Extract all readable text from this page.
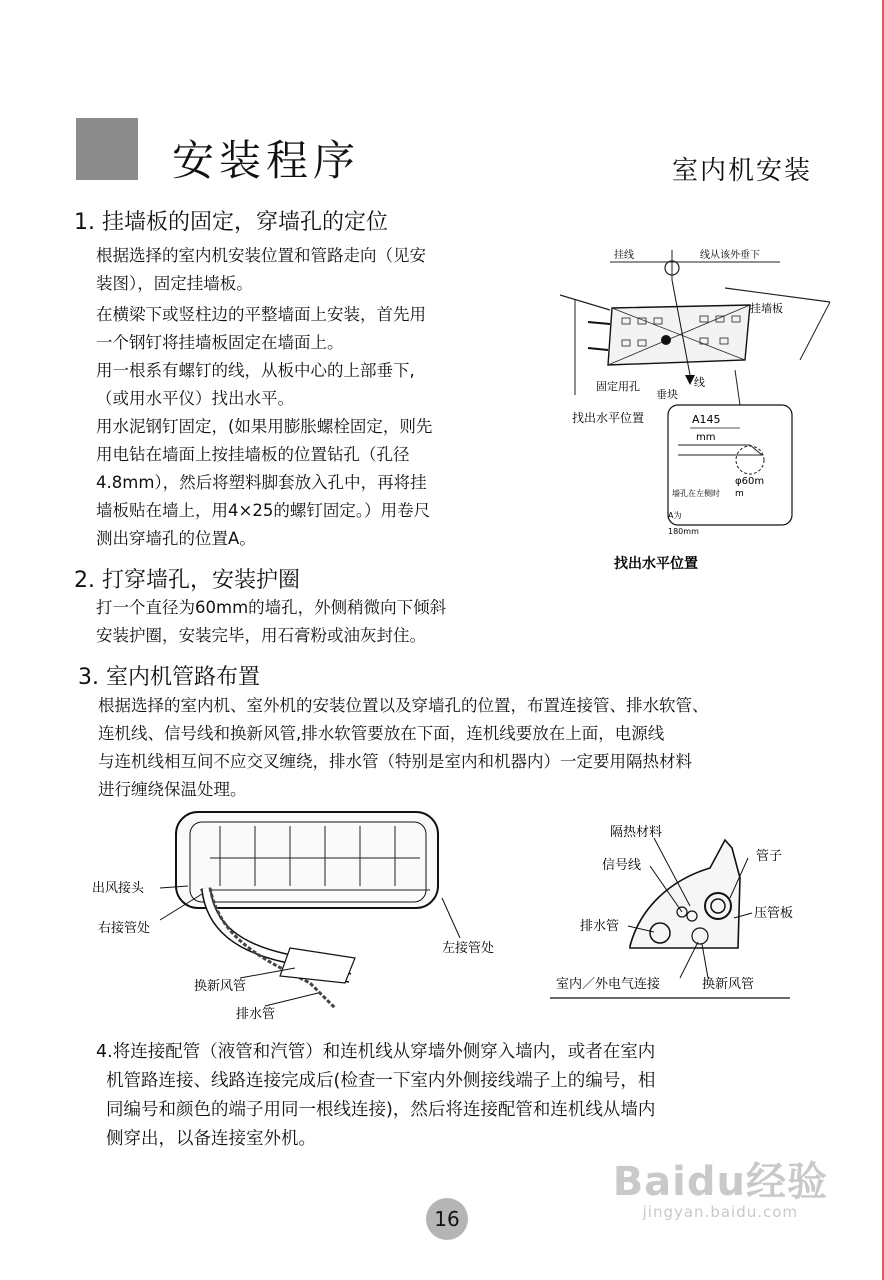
安装程序	室内机安装
1. 挂墙板的固定，穿墙孔的定位
根据选择的室内机安装位置和管路走向（见安
装图），固定挂墙板。
在横梁下或竖柱边的平整墙面上安装，首先用
一个钢钉将挂墙板固定在墙面上。
用一根系有螺钉的线，从板中心的上部垂下,
（或用水平仪）找出水平。
用水泥钢钉固定，(如果用膨胀螺栓固定，则先
用电钻在墙面上按挂墙板的位置钻孔（孔径
4.8mm），然后将塑料脚套放入孔中，再将挂
墙板贴在墙上，用4×25的螺钉固定。）用卷尺
测出穿墙孔的位置A。
挂线	线从该外垂下
挂墙板
固定用孔
垂块
线
找出水平位置	A145
mm
φ60m
墙孔在左侧时 m
A为
180mm
找出水平位置
2. 打穿墙孔，安装护圈
打一个直径为60mm的墙孔，外侧稍微向下倾斜
安装护圈，安装完毕，用石膏粉或油灰封住。
3. 室内机管路布置
根据选择的室内机、室外机的安装位置以及穿墙孔的位置，布置连接管、排水软管、
连机线、信号线和换新风管,排水软管要放在下面，连机线要放在上面，电源线
与连机线相互间不应交叉缠绕，排水管（特别是室内和机器内）一定要用隔热材料
进行缠绕保温处理。
出风接头
右接管处
左接管处
换新风管
排水管
隔热材料
信号线
管子
压管板
排水管
室内／外电气连接	换新风管
4.将连接配管（液管和汽管）和连机线从穿墙外侧穿入墙内，或者在室内
机管路连接、线路连接完成后(检查一下室内外侧接线端子上的编号，相
同编号和颜色的端子用同一根线连接)，然后将连接配管和连机线从墙内
侧穿出，以备连接室外机。
16
Baidu经验
jingyan.baidu.com
